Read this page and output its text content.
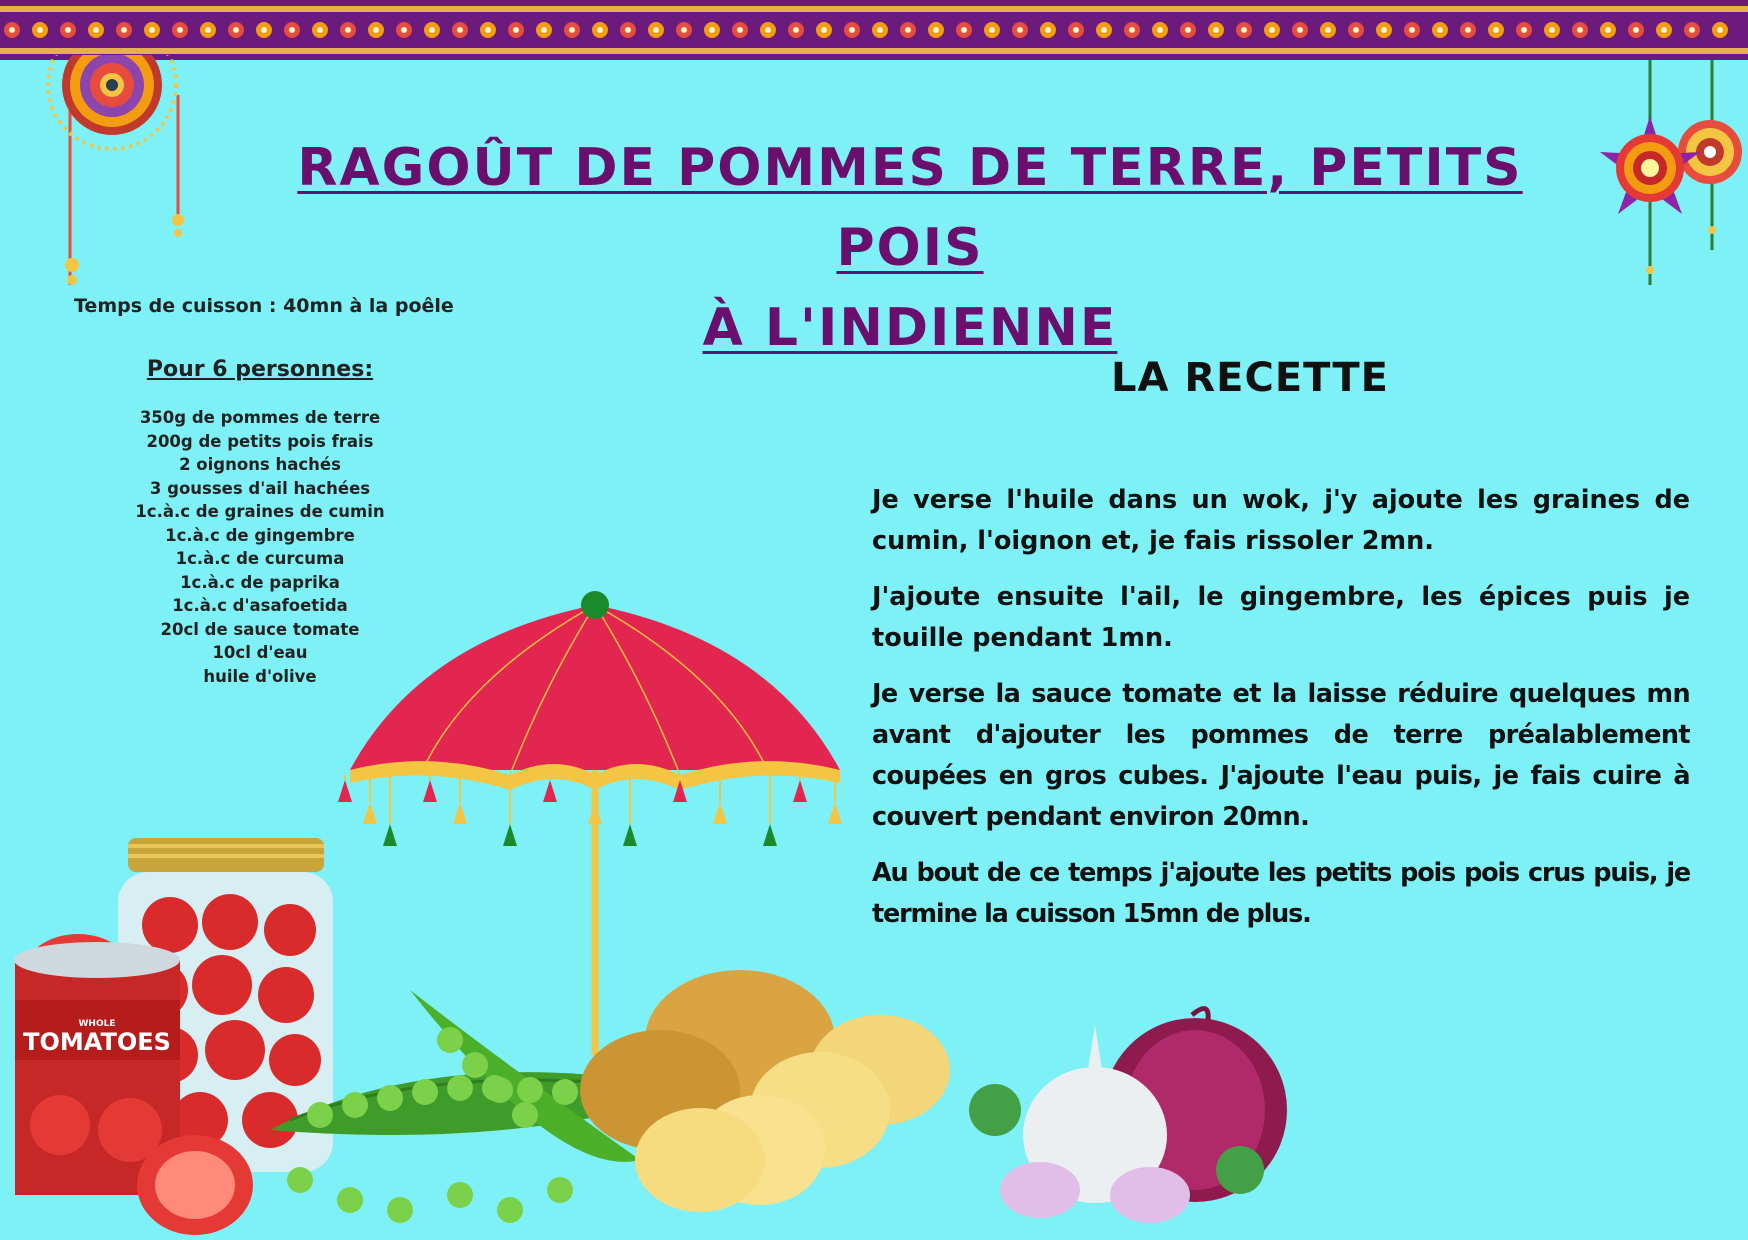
RAGOÛT DE POMMES DE TERRE, PETITS POIS
À L'INDIENNE
Temps de cuisson : 40mn à la poêle
Pour 6 personnes:
350g de pommes de terre
200g de petits pois frais
2 oignons hachés
3 gousses d'ail hachées
1c.à.c de graines de cumin
1c.à.c de gingembre
1c.à.c de curcuma
1c.à.c de paprika
1c.à.c d'asafoetida
20cl de sauce tomate
10cl d'eau
huile d'olive
LA RECETTE

Je verse l'huile dans un wok, j'y ajoute les graines de cumin, l'oignon et, je fais rissoler 2mn.

J'ajoute ensuite l'ail, le gingembre, les épices puis je touille pendant 1mn.

Je verse la sauce tomate et la laisse réduire quelques mn avant d'ajouter les pommes de terre préalablement coupées en gros cubes. J'ajoute l'eau puis, je fais cuire à couvert pendant environ 20mn.

Au bout de ce temps j'ajoute les petits pois pois crus puis, je termine la cuisson 15mn de plus.

WHOLE
TOMATOES
